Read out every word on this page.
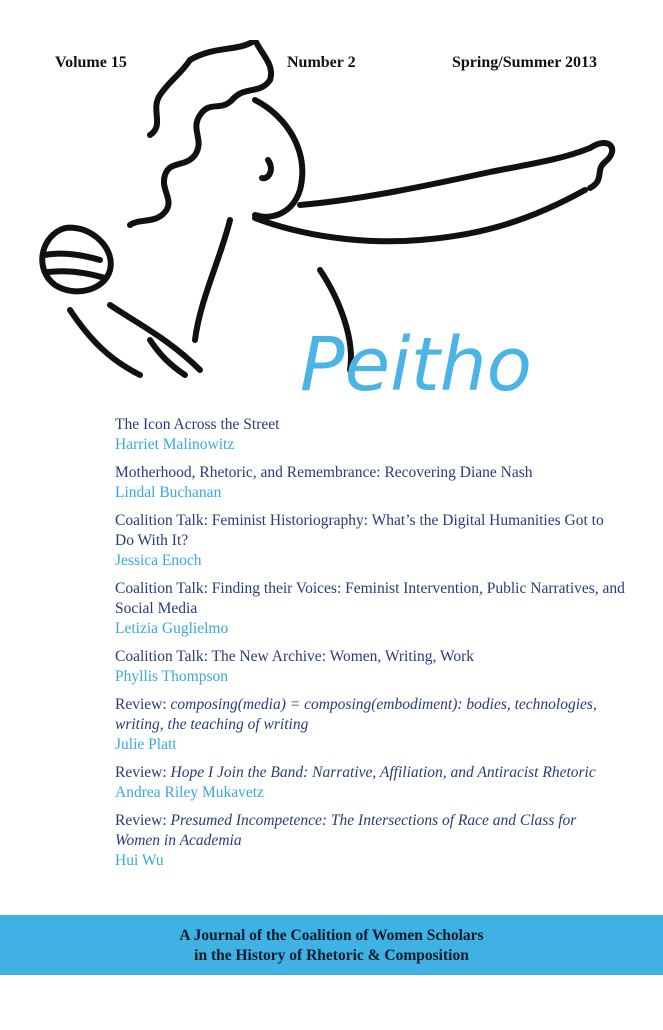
Volume 15	Number 2	Spring/Summer 2013
Peitho
The Icon Across the Street
Harriet Malinowitz
Motherhood, Rhetoric, and Remembrance: Recovering Diane Nash
Lindal Buchanan
Coalition Talk: Feminist Historiography: What’s the Digital Humanities Got to Do With It?
Jessica Enoch
Coalition Talk: Finding their Voices: Feminist Intervention, Public Narratives, and Social Media
Letizia Guglielmo
Coalition Talk: The New Archive: Women, Writing, Work
Phyllis Thompson
Review: composing(media) = composing(embodiment): bodies, technologies, writing, the teaching of writing
Julie Platt
Review: Hope I Join the Band: Narrative, Affiliation, and Antiracist Rhetoric
Andrea Riley Mukavetz
Review: Presumed Incompetence: The Intersections of Race and Class for Women in Academia
Hui Wu
A Journal of the Coalition of Women Scholars
in the History of Rhetoric & Composition
